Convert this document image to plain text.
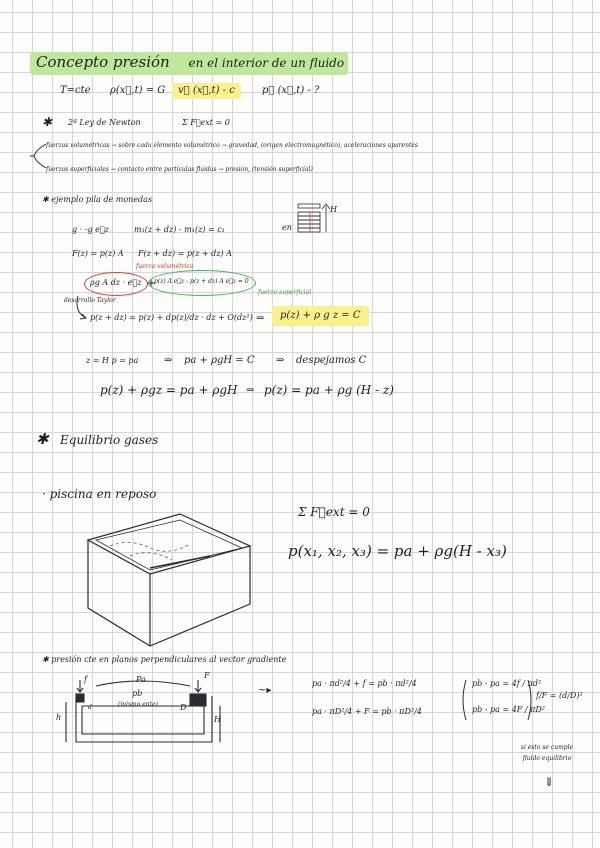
Concepto presión en el interior de un fluido
T=cte ρ(x⃗,t) = G	v⃗ (x⃗,t) - c	p⃗ (x⃗,t) - ?
✱ 2ª Ley de Newton	Σ F⃗ext = 0
fuerzas volumétricas → sobre cada elemento volumétrico → gravedad, (origen electromagnético), aceleraciones aparentes
fuerzas superficiales → contacto entre partículas fluidas → presión, (tensión superficial)
✱ ejemplo pila de monedas
g · -g e⃗z	m₁(z + dz) - m₁(z) = c₁	en
H
F(z) = p(z) A F(z + dz) = p(z + dz) A
fuerza volumétrica
ρg A dz · e⃗z +
p(z) A e⃗z - p(z + dz) A e⃗z = 0
fuerza superficial
desarrollo Taylor
p(z + dz) = p(z) + dp(z)/dz · dz + O(dz²) ⇒	p(z) + ρ g z = C
z = H p = pa	⇒ pa + ρgH = C ⇒ despejamos C
p(z) + ρgz = pa + ρgH ⇒ p(z) = pa + ρg (H - z)
✱ Equilibrio gases
· piscina en reposo
Σ F⃗ext = 0
p(x₁, x₂, x₃) = pa + ρg(H - x₃)
✱ presión cte en planos perpendiculares al vector gradiente
f	Pa	F
pb
(mismo ente)
d	D
h	H
~▸
pa · πd²/4 + f = pb · πd²/4
pa · πD²/4 + F = pb · πD²/4
pb - pa = 4f / πd²
pb - pa = 4F / πD²
f/F = (d/D)²
si esto se cumple fluido equilibrio
⇓
